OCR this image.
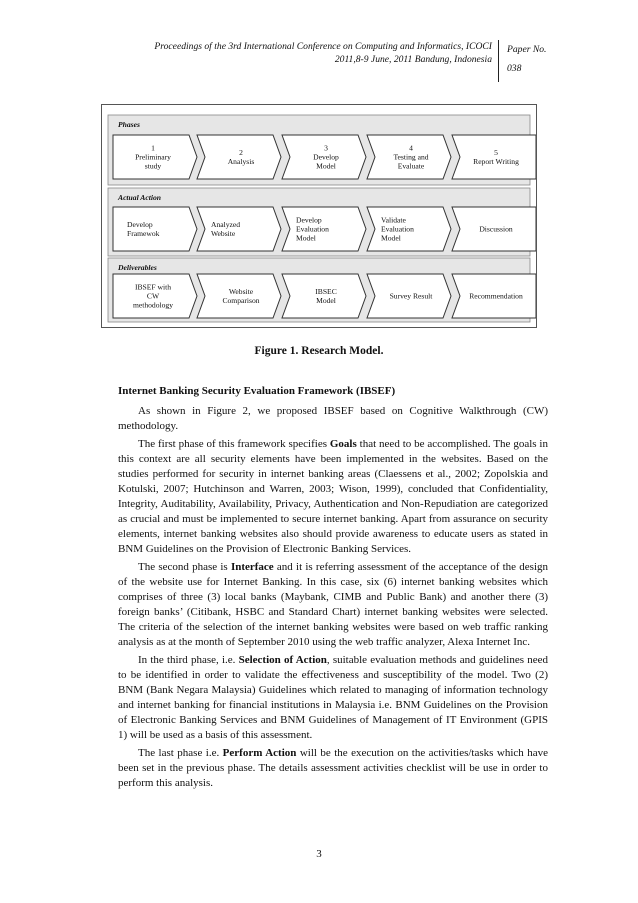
Proceedings of the 3rd International Conference on Computing and Informatics, ICOCI
2011,8-9 June, 2011 Bandung, Indonesia
Paper No.
038
Phases
Actual Action
Deliverables
1
Preliminary
study
2
Analysis
3
Develop
Model
4
Testing and
Evaluate
5
Report Writing
Develop
Framewok
Analyzed
Website
Develop
Evaluation
Model
Validate
Evaluation
Model
Discussion
IBSEF with
CW
methodology
Website
Comparison
IBSEC
Model	Survey Result	Recommendation
Figure 1. Research Model.
Internet Banking Security Evaluation Framework (IBSEF)

As shown in Figure 2, we proposed IBSEF based on Cognitive Walkthrough (CW) methodology.

The first phase of this framework specifies Goals that need to be accomplished. The goals in this context are all security elements have been implemented in the websites. Based on the studies performed for security in internet banking areas (Claessens et al., 2002; Zopolskia and Kotulski, 2007; Hutchinson and Warren, 2003; Wison, 1999), concluded that Confidentiality, Integrity, Auditability, Availability, Privacy, Authentication and Non-Repudiation are categorized as crucial and must be implemented to secure internet banking. Apart from assurance on security elements, internet banking websites also should provide awareness to educate users as stated in BNM Guidelines on the Provision of Electronic Banking Services.

The second phase is Interface and it is referring assessment of the acceptance of the design of the website use for Internet Banking. In this case, six (6) internet banking websites which comprises of three (3) local banks (Maybank, CIMB and Public Bank) and another there (3) foreign banks’ (Citibank, HSBC and Standard Chart) internet banking websites were selected. The criteria of the selection of the internet banking websites were based on web traffic ranking analysis as at the month of September 2010 using the web traffic analyzer, Alexa Internet Inc.

In the third phase, i.e. Selection of Action, suitable evaluation methods and guidelines need to be identified in order to validate the effectiveness and susceptibility of the model. Two (2) BNM (Bank Negara Malaysia) Guidelines which related to managing of information technology and internet banking for financial institutions in Malaysia i.e. BNM Guidelines on the Provision of Electronic Banking Services and BNM Guidelines of Management of IT Environment (GPIS 1) will be used as a basis of this assessment.

The last phase i.e. Perform Action will be the execution on the activities/tasks which have been set in the previous phase. The details assessment activities checklist will be use in order to perform this analysis.

3
